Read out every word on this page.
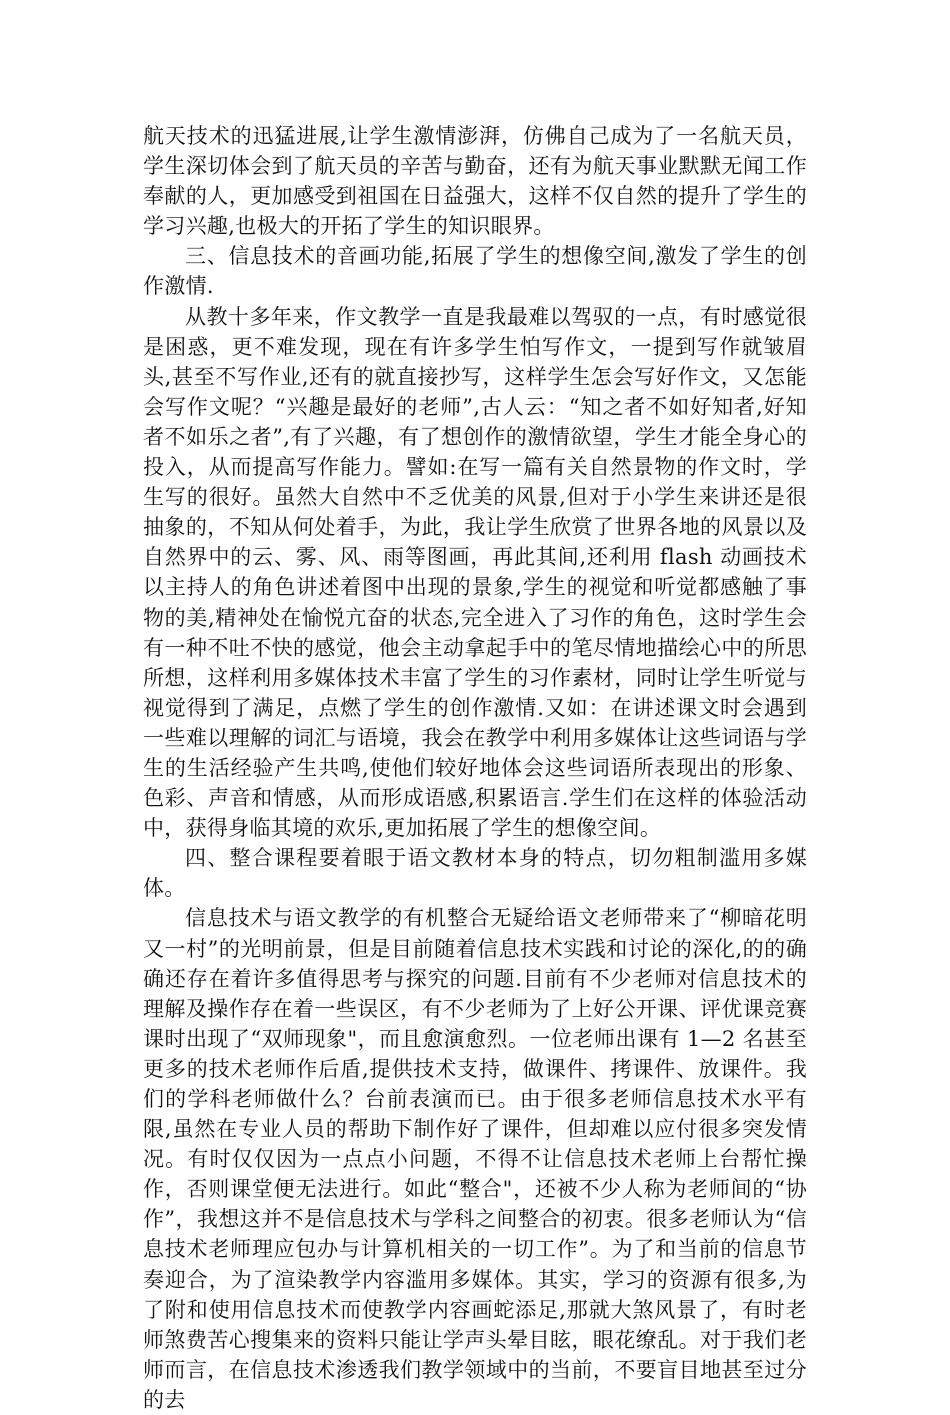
航天技术的迅猛进展,让学生激情澎湃，仿佛自己成为了一名航天员，学生深切体会到了航天员的辛苦与勤奋，还有为航天事业默默无闻工作奉献的人，更加感受到祖国在日益强大，这样不仅自然的提升了学生的学习兴趣,也极大的开拓了学生的知识眼界。

三、信息技术的音画功能,拓展了学生的想像空间,激发了学生的创作激情.

从教十多年来，作文教学一直是我最难以驾驭的一点，有时感觉很是困惑，更不难发现，现在有许多学生怕写作文，一提到写作就皱眉头,甚至不写作业,还有的就直接抄写，这样学生怎会写好作文，又怎能会写作文呢？“兴趣是最好的老师”,古人云：“知之者不如好知者,好知者不如乐之者”,有了兴趣，有了想创作的激情欲望，学生才能全身心的投入，从而提高写作能力。譬如:在写一篇有关自然景物的作文时，学生写的很好。虽然大自然中不乏优美的风景,但对于小学生来讲还是很抽象的，不知从何处着手，为此，我让学生欣赏了世界各地的风景以及自然界中的云、雾、风、雨等图画，再此其间,还利用 flash 动画技术以主持人的角色讲述着图中出现的景象,学生的视觉和听觉都感触了事物的美,精神处在愉悦亢奋的状态,完全进入了习作的角色，这时学生会有一种不吐不快的感觉，他会主动拿起手中的笔尽情地描绘心中的所思所想，这样利用多媒体技术丰富了学生的习作素材，同时让学生听觉与视觉得到了满足，点燃了学生的创作激情.又如：在讲述课文时会遇到一些难以理解的词汇与语境，我会在教学中利用多媒体让这些词语与学生的生活经验产生共鸣,使他们较好地体会这些词语所表现出的形象、色彩、声音和情感，从而形成语感,积累语言.学生们在这样的体验活动中，获得身临其境的欢乐,更加拓展了学生的想像空间。

四、整合课程要着眼于语文教材本身的特点，切勿粗制滥用多媒体。

信息技术与语文教学的有机整合无疑给语文老师带来了“柳暗花明又一村”的光明前景，但是目前随着信息技术实践和讨论的深化,的的确确还存在着许多值得思考与探究的问题.目前有不少老师对信息技术的理解及操作存在着一些误区，有不少老师为了上好公开课、评优课竞赛课时出现了“双师现象"，而且愈演愈烈。一位老师出课有 1—2 名甚至更多的技术老师作后盾,提供技术支持，做课件、拷课件、放课件。我们的学科老师做什么？台前表演而已。由于很多老师信息技术水平有限,虽然在专业人员的帮助下制作好了课件，但却难以应付很多突发情况。有时仅仅因为一点点小问题，不得不让信息技术老师上台帮忙操作，否则课堂便无法进行。如此“整合"，还被不少人称为老师间的“协作”，我想这并不是信息技术与学科之间整合的初衷。很多老师认为“信息技术老师理应包办与计算机相关的一切工作”。为了和当前的信息节奏迎合，为了渲染教学内容滥用多媒体。其实，学习的资源有很多,为了附和使用信息技术而使教学内容画蛇添足,那就大煞风景了，有时老师煞费苦心搜集来的资料只能让学声头晕目眩，眼花缭乱。对于我们老师而言，在信息技术渗透我们教学领域中的当前，不要盲目地甚至过分的去
